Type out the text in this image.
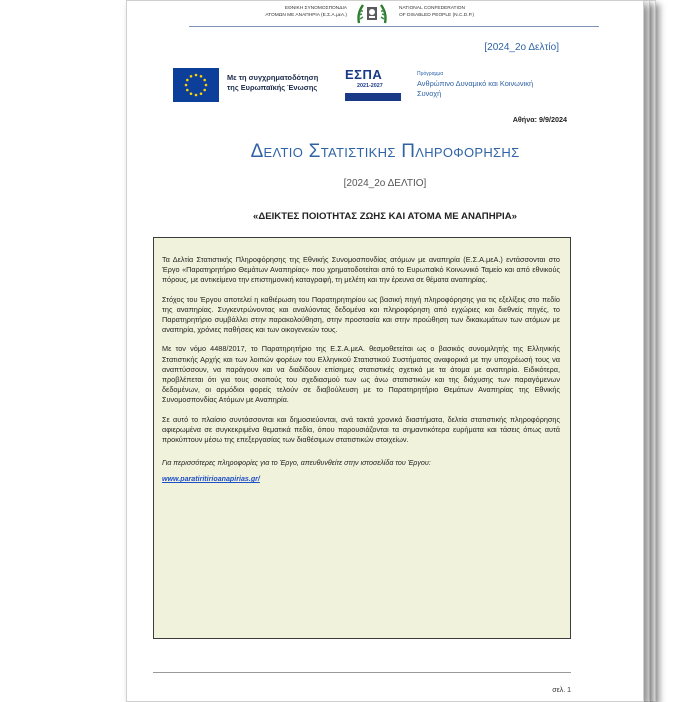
ΕΘΝΙΚΗ ΣΥΝΟΜΟΣΠΟΝΔΙΑ
ΑΤΟΜΩΝ ΜΕ ΑΝΑΠΗΡΙΑ (Ε.Σ.Α.μεΑ.)
NATIONAL CONFEDERATION
OF DISABLED PEOPLE (N.C.D.P.)
[2024_2ο Δελτίο]
Με τη συγχρηματοδότηση της Ευρωπαϊκής Ένωσης
ΕΣΠΑ
2021-2027
Πρόγραμμα
Ανθρώπινο Δυναμικό και Κοινωνική Συνοχή
Αθήνα: 9/9/2024
Δελτιο Στατιστικησ Πληροφορησησ
[2024_2ο ΔΕΛΤΙΟ]
«ΔΕΙΚΤΕΣ ΠΟΙΟΤΗΤΑΣ ΖΩΗΣ ΚΑΙ ΑΤΟΜΑ ΜΕ ΑΝΑΠΗΡΙΑ»

Τα Δελτία Στατιστικής Πληροφόρησης της Εθνικής Συνομοσπονδίας ατόμων με αναπηρία (Ε.Σ.Α.μεΑ.) εντάσσονται στο Έργο «Παρατηρητήριο Θεμάτων Αναπηρίας» που χρηματοδοτείται από το Ευρωπαϊκό Κοινωνικό Ταμείο και από εθνικούς πόρους, με αντικείμενο την επιστημονική καταγραφή, τη μελέτη και την έρευνα σε θέματα αναπηρίας.

Στόχος του Έργου αποτελεί η καθιέρωση του Παρατηρητηρίου ως βασική πηγή πληροφόρησης για τις εξελίξεις στο πεδίο της αναπηρίας. Συγκεντρώνοντας και αναλύοντας δεδομένα και πληροφόρηση από εγχώριες και διεθνείς πηγές, το Παρατηρητήριο συμβάλλει στην παρακολούθηση, στην προστασία και στην προώθηση των δικαιωμάτων των ατόμων με αναπηρία, χρόνιες παθήσεις και των οικογενειών τους.

Με τον νόμο 4488/2017, το Παρατηρητήριο της Ε.Σ.Α.μεΑ. θεσμοθετείται ως ο βασικός συνομιλητής της Ελληνικής Στατιστικής Αρχής και των λοιπών φορέων του Ελληνικού Στατιστικού Συστήματος αναφορικά με την υποχρέωσή τους να αναπτύσσουν, να παράγουν και να διαδίδουν επίσημες στατιστικές σχετικά με τα άτομα με αναπηρία. Ειδικότερα, προβλέπεται ότι για τους σκοπούς του σχεδιασμού των ως άνω στατιστικών και της διάχυσης των παραγόμενων δεδομένων, οι αρμόδιοι φορείς τελούν σε διαβούλευση με το Παρατηρητήριο Θεμάτων Αναπηρίας της Εθνικής Συνομοσπονδίας Ατόμων με Αναπηρία.

Σε αυτό το πλαίσιο συντάσσονται και δημοσιεύονται, ανά τακτά χρονικά διαστήματα, δελτία στατιστικής πληροφόρησης αφιερωμένα σε συγκεκριμένα θεματικά πεδία, όπου παρουσιάζονται τα σημαντικότερα ευρήματα και τάσεις όπως αυτά προκύπτουν μέσω της επεξεργασίας των διαθέσιμων στατιστικών στοιχείων.

Για περισσότερες πληροφορίες για το Έργο, απευθυνθείτε στην ιστοσελίδα του Έργου:

www.paratiritirioanapirias.gr/
σελ. 1
